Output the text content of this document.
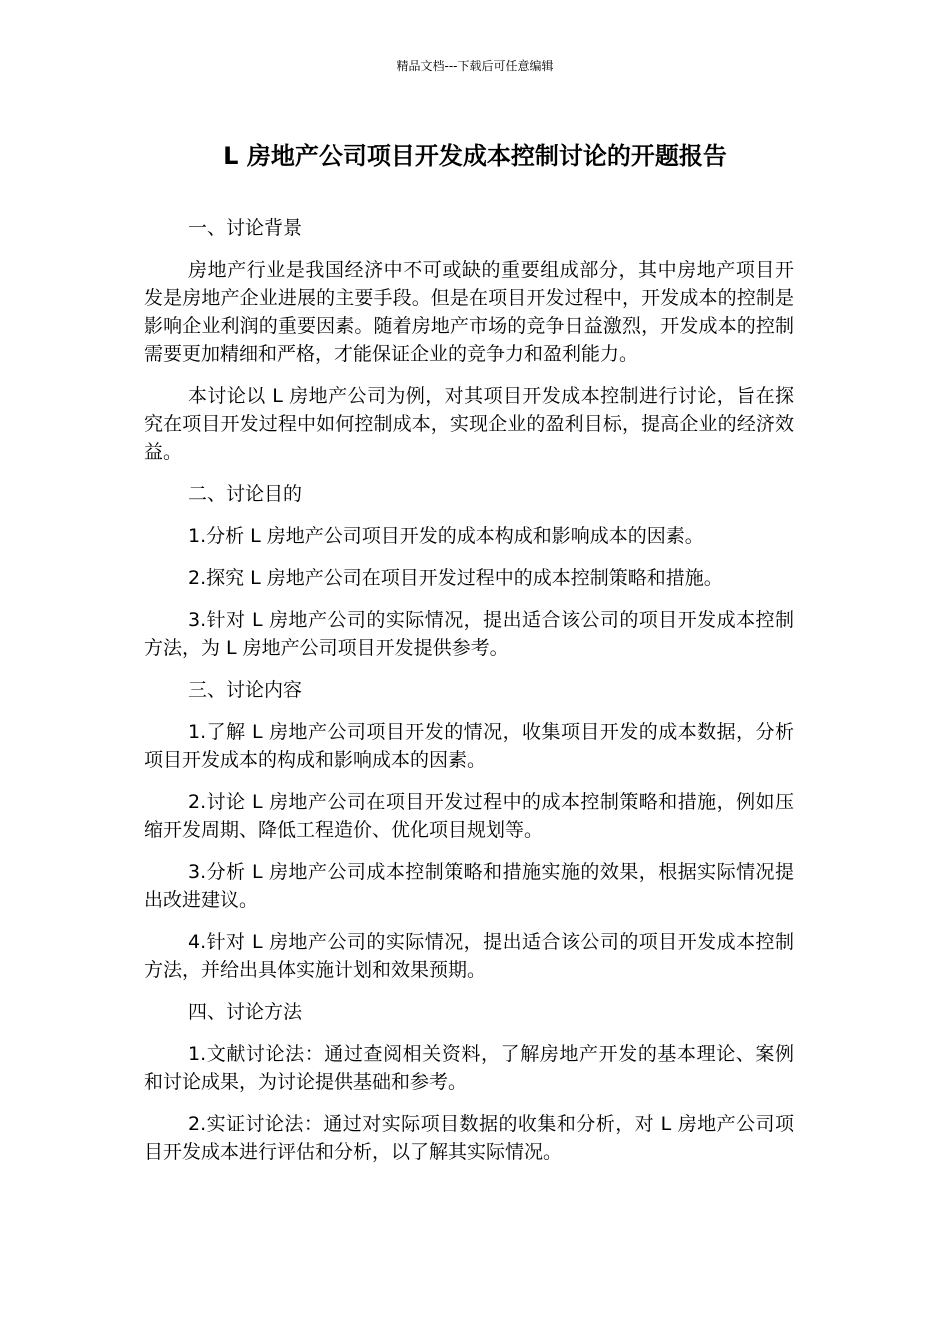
精品文档---下载后可任意编辑
L 房地产公司项目开发成本控制讨论的开题报告

一、讨论背景

房地产行业是我国经济中不可或缺的重要组成部分，其中房地产项目开发是房地产企业进展的主要手段。但是在项目开发过程中，开发成本的控制是影响企业利润的重要因素。随着房地产市场的竞争日益激烈，开发成本的控制需要更加精细和严格，才能保证企业的竞争力和盈利能力。

本讨论以 L 房地产公司为例，对其项目开发成本控制进行讨论，旨在探究在项目开发过程中如何控制成本，实现企业的盈利目标，提高企业的经济效益。

二、讨论目的

1.分析 L 房地产公司项目开发的成本构成和影响成本的因素。

2.探究 L 房地产公司在项目开发过程中的成本控制策略和措施。

3.针对 L 房地产公司的实际情况，提出适合该公司的项目开发成本控制方法，为 L 房地产公司项目开发提供参考。

三、讨论内容

1.了解 L 房地产公司项目开发的情况，收集项目开发的成本数据，分析项目开发成本的构成和影响成本的因素。

2.讨论 L 房地产公司在项目开发过程中的成本控制策略和措施，例如压缩开发周期、降低工程造价、优化项目规划等。

3.分析 L 房地产公司成本控制策略和措施实施的效果，根据实际情况提出改进建议。

4.针对 L 房地产公司的实际情况，提出适合该公司的项目开发成本控制方法，并给出具体实施计划和效果预期。

四、讨论方法

1.文献讨论法：通过查阅相关资料，了解房地产开发的基本理论、案例和讨论成果，为讨论提供基础和参考。

2.实证讨论法：通过对实际项目数据的收集和分析，对 L 房地产公司项目开发成本进行评估和分析，以了解其实际情况。
